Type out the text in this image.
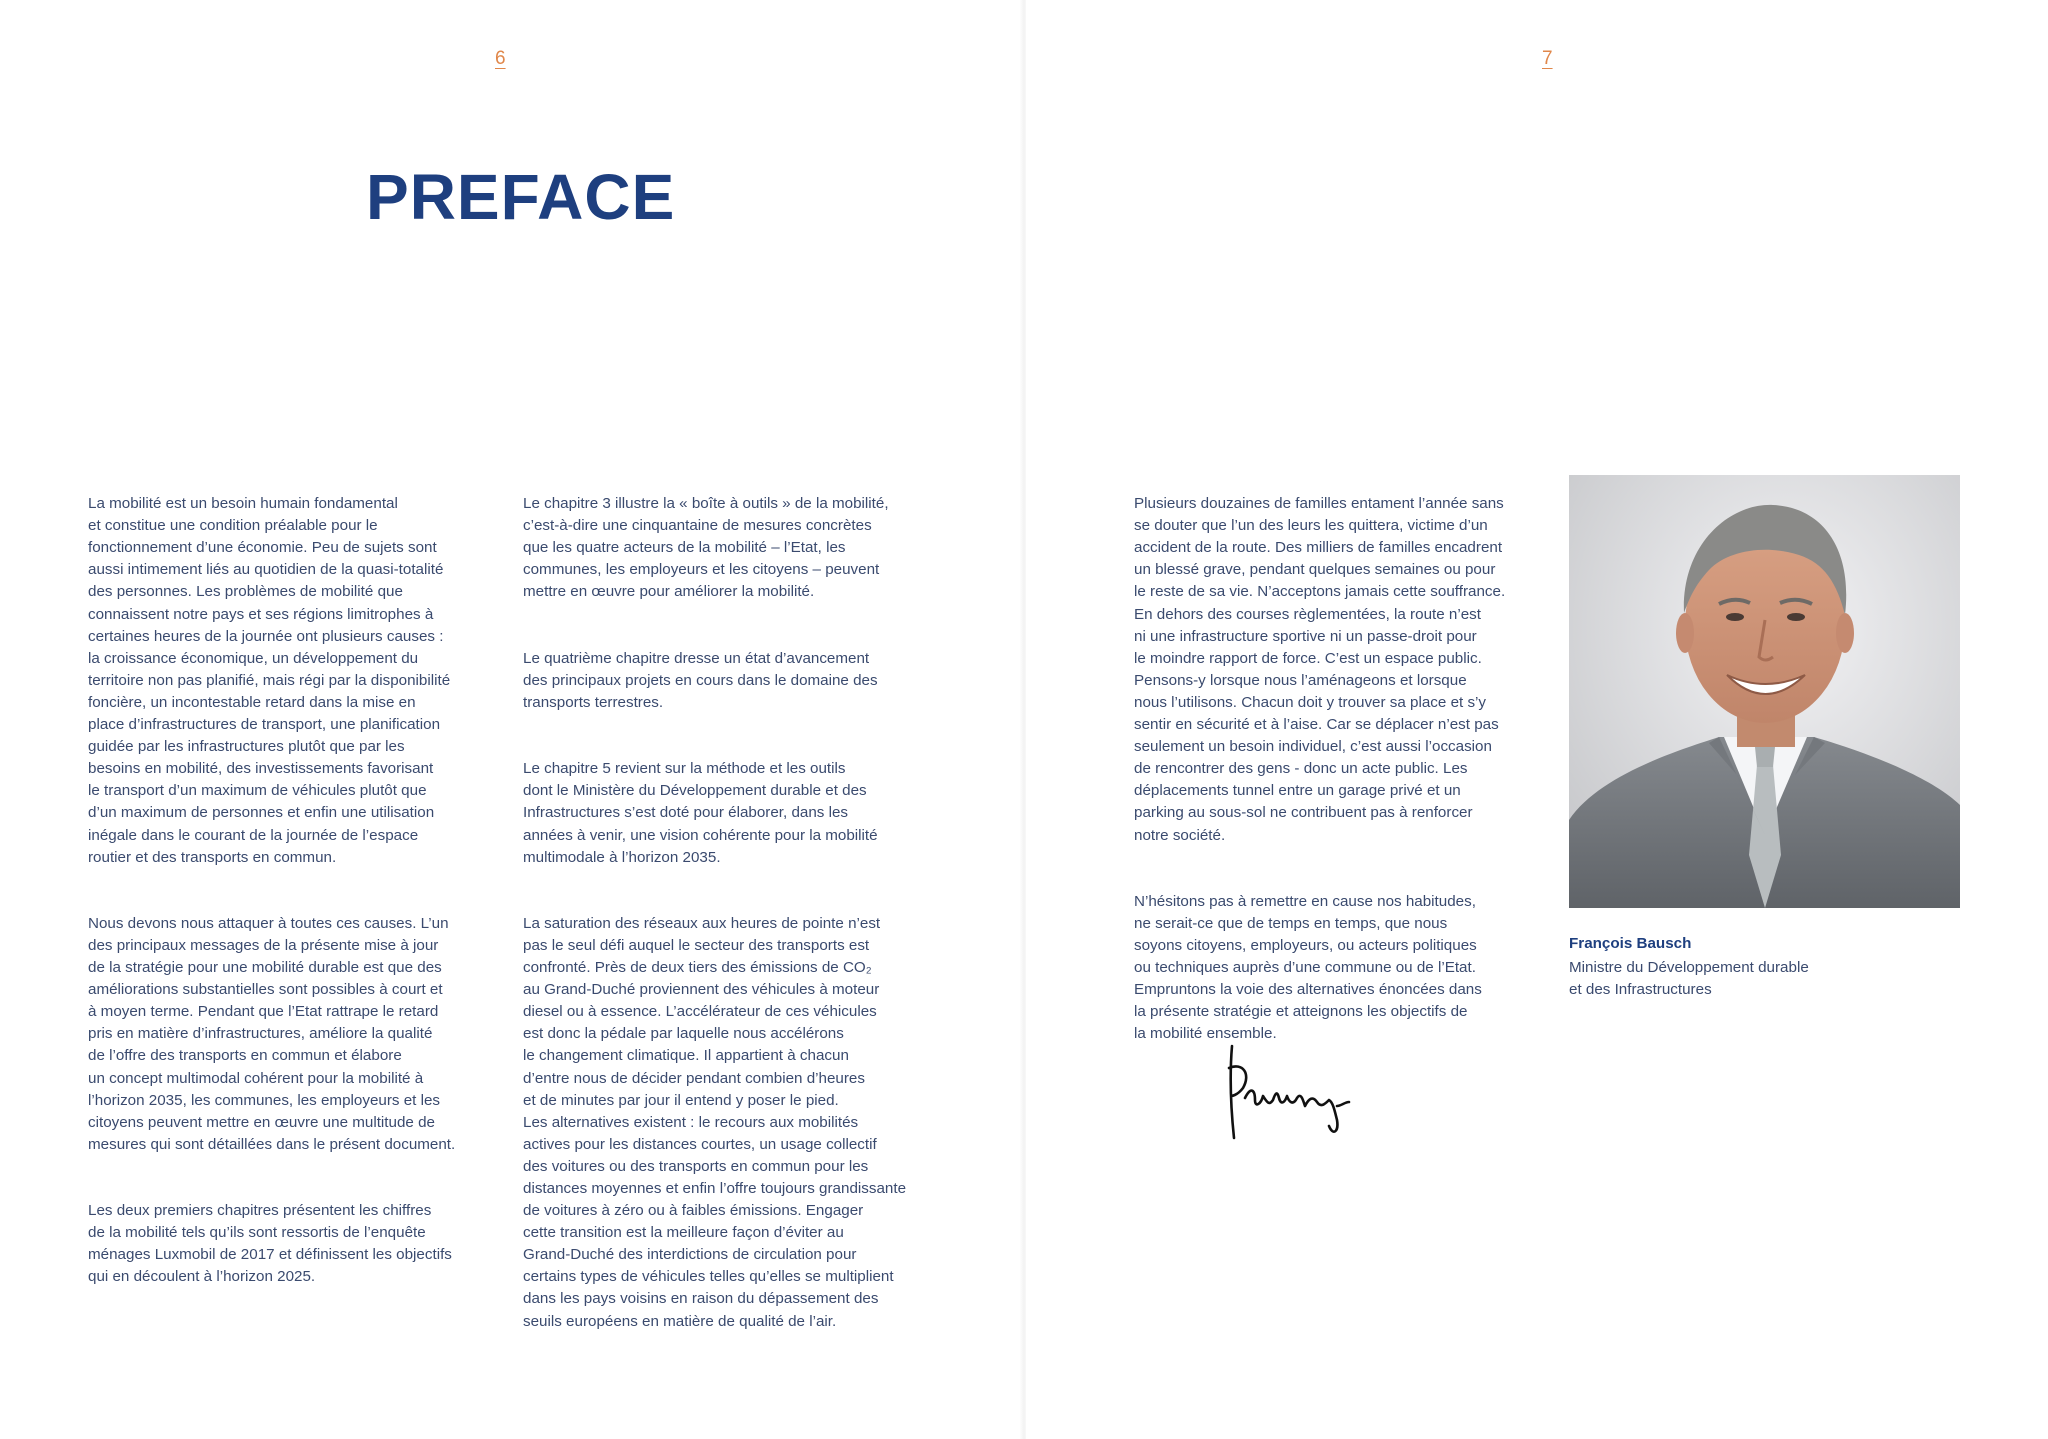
6
PREFACE

La mobilité est un besoin humain fondamental
et constitue une condition préalable pour le
fonctionnement d’une économie. Peu de sujets sont
aussi intimement liés au quotidien de la quasi-totalité
des personnes. Les problèmes de mobilité que
connaissent notre pays et ses régions limitrophes à
certaines heures de la journée ont plusieurs causes :
la croissance économique, un développement du
territoire non pas planifié, mais régi par la disponibilité
foncière, un incontestable retard dans la mise en
place d’infrastructures de transport, une planification
guidée par les infrastructures plutôt que par les
besoins en mobilité, des investissements favorisant
le transport d’un maximum de véhicules plutôt que
d’un maximum de personnes et enfin une utilisation
inégale dans le courant de la journée de l’espace
routier et des transports en commun.

Nous devons nous attaquer à toutes ces causes. L’un
des principaux messages de la présente mise à jour
de la stratégie pour une mobilité durable est que des
améliorations substantielles sont possibles à court et
à moyen terme. Pendant que l’Etat rattrape le retard
pris en matière d’infrastructures, améliore la qualité
de l’offre des transports en commun et élabore
un concept multimodal cohérent pour la mobilité à
l’horizon 2035, les communes, les employeurs et les
citoyens peuvent mettre en œuvre une multitude de
mesures qui sont détaillées dans le présent document.

Les deux premiers chapitres présentent les chiffres
de la mobilité tels qu’ils sont ressortis de l’enquête
ménages Luxmobil de 2017 et définissent les objectifs
qui en découlent à l’horizon 2025.

Le chapitre 3 illustre la « boîte à outils » de la mobilité,
c’est-à-dire une cinquantaine de mesures concrètes
que les quatre acteurs de la mobilité – l’Etat, les
communes, les employeurs et les citoyens – peuvent
mettre en œuvre pour améliorer la mobilité.

Le quatrième chapitre dresse un état d’avancement
des principaux projets en cours dans le domaine des
transports terrestres.

Le chapitre 5 revient sur la méthode et les outils
dont le Ministère du Développement durable et des
Infrastructures s’est doté pour élaborer, dans les
années à venir, une vision cohérente pour la mobilité
multimodale à l’horizon 2035.

La saturation des réseaux aux heures de pointe n’est
pas le seul défi auquel le secteur des transports est
confronté. Près de deux tiers des émissions de CO₂
au Grand-Duché proviennent des véhicules à moteur
diesel ou à essence. L’accélérateur de ces véhicules
est donc la pédale par laquelle nous accélérons
le changement climatique. Il appartient à chacun
d’entre nous de décider pendant combien d’heures
et de minutes par jour il entend y poser le pied.
Les alternatives existent : le recours aux mobilités
actives pour les distances courtes, un usage collectif
des voitures ou des transports en commun pour les
distances moyennes et enfin l’offre toujours grandissante
de voitures à zéro ou à faibles émissions. Engager
cette transition est la meilleure façon d’éviter au
Grand-Duché des interdictions de circulation pour
certains types de véhicules telles qu’elles se multiplient
dans les pays voisins en raison du dépassement des
seuils européens en matière de qualité de l’air.

7

Plusieurs douzaines de familles entament l’année sans
se douter que l’un des leurs les quittera, victime d’un
accident de la route. Des milliers de familles encadrent
un blessé grave, pendant quelques semaines ou pour
le reste de sa vie. N’acceptons jamais cette souffrance.
En dehors des courses règlementées, la route n’est
ni une infrastructure sportive ni un passe-droit pour
le moindre rapport de force. C’est un espace public.
Pensons-y lorsque nous l’aménageons et lorsque
nous l’utilisons. Chacun doit y trouver sa place et s’y
sentir en sécurité et à l’aise. Car se déplacer n’est pas
seulement un besoin individuel, c’est aussi l’occasion
de rencontrer des gens - donc un acte public. Les
déplacements tunnel entre un garage privé et un
parking au sous-sol ne contribuent pas à renforcer
notre société.

N’hésitons pas à remettre en cause nos habitudes,
ne serait-ce que de temps en temps, que nous
soyons citoyens, employeurs, ou acteurs politiques
ou techniques auprès d’une commune ou de l’Etat.
Empruntons la voie des alternatives énoncées dans
la présente stratégie et atteignons les objectifs de
la mobilité ensemble.

François Bausch
Ministre du Développement durable
et des Infrastructures
